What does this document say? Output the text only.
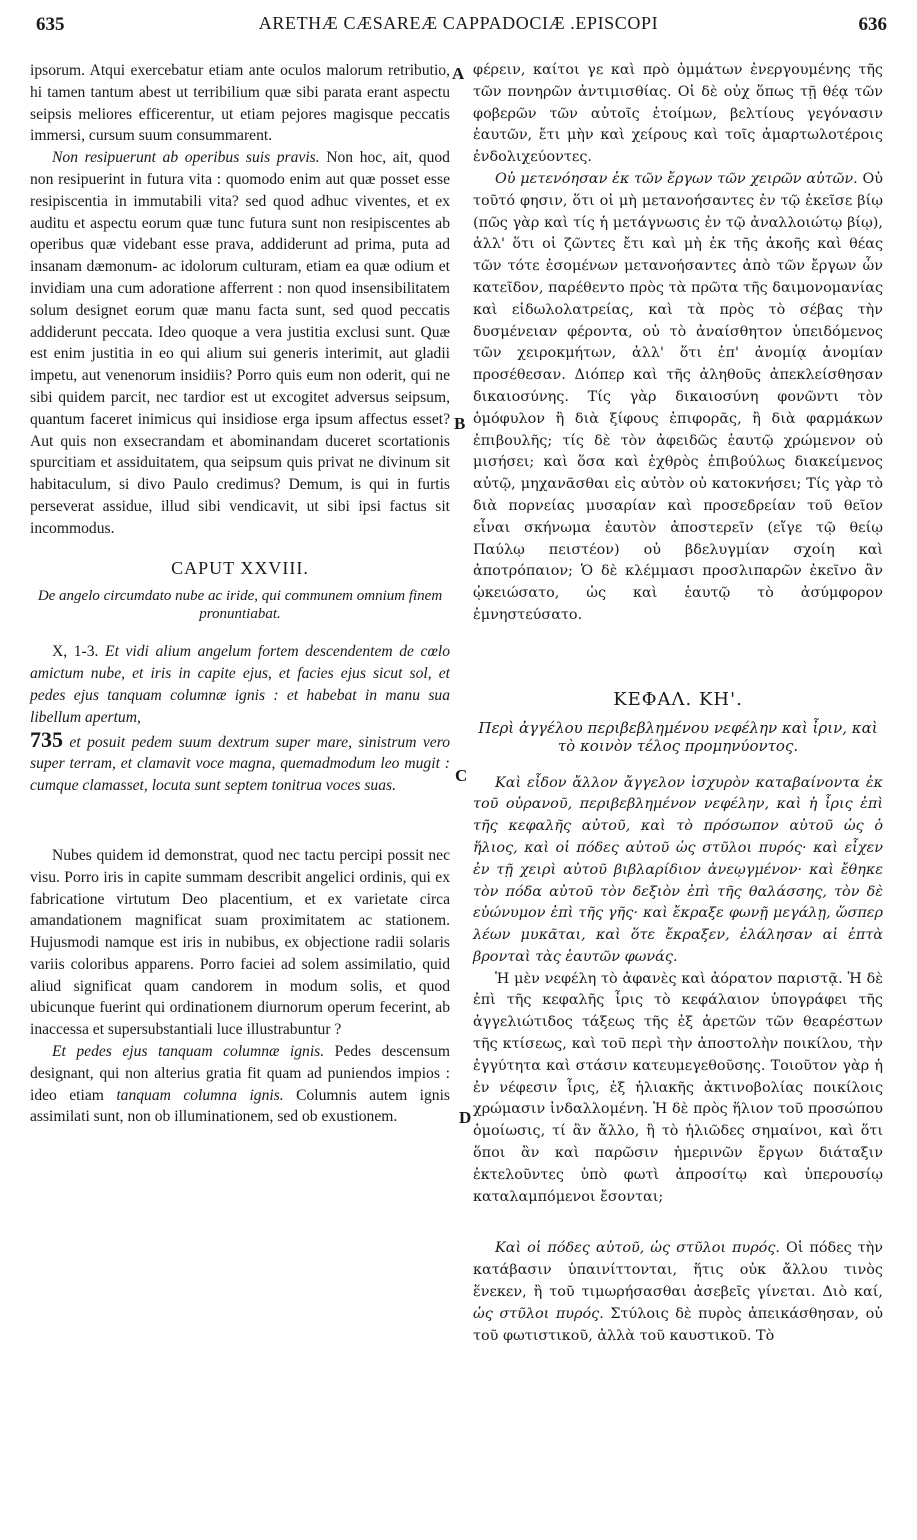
635	ARETHÆ CÆSAREÆ CAPPADOCIÆ .EPISCOPI	636
A
B
C
D

ipsorum. Atqui exercebatur etiam ante oculos malorum retributio, hi tamen tantum abest ut terribilium quæ sibi parata erant aspectu seipsis meliores efficerentur, ut etiam pejores magisque peccatis immersi, cursum suum consummarent.

Non resipuerunt ab operibus suis pravis. Non hoc, ait, quod non resipuerint in futura vita : quomodo enim aut quæ posset esse resipiscentia in immutabili vita? sed quod adhuc viventes, et ex auditu et aspectu eorum quæ tunc futura sunt non resipiscentes ab operibus quæ videbant esse prava, addiderunt ad prima, puta ad insanam dæmonum- ac idolorum culturam, etiam ea quæ odium et invidiam una cum adoratione afferrent : non quod insensibilitatem solum designet eorum quæ manu facta sunt, sed quod peccatis addiderunt peccata. Ideo quoque a vera justitia exclusi sunt. Quæ est enim justitia in eo qui alium sui generis interimit, aut gladii impetu, aut venenorum insidiis? Porro quis eum non oderit, qui ne sibi quidem parcit, nec tardior est ut excogitet adversus seipsum, quantum faceret inimicus qui insidiose erga ipsum affectus esset? Aut quis non exsecrandam et abominandam duceret scortationis spurcitiam et assiduitatem, qua seipsum quis privat ne divinum sit habitaculum, si divo Paulo credimus? Demum, is qui in furtis perseverat assidue, illud sibi vendicavit, ut sibi ipsi factus sit incommodus.

CAPUT XXVIII.
De angelo circumdato nube ac iride, qui communem omnium finem pronuntiabat.

X, 1-3. Et vidi alium angelum fortem descendentem de cœlo amictum nube, et iris in capite ejus, et facies ejus sicut sol, et pedes ejus tanquam columnæ ignis : et habebat in manu sua libellum apertum,
735 et posuit pedem suum dextrum super mare, sinistrum vero super terram, et clamavit voce magna, quemadmodum leo mugit : cumque clamasset, locuta sunt septem tonitrua voces suas.

Nubes quidem id demonstrat, quod nec tactu percipi possit nec visu. Porro iris in capite summam describit angelici ordinis, qui ex fabricatione virtutum Deo placentium, et ex varietate circa amandationem magnificat suam proximitatem ac stationem. Hujusmodi namque est iris in nubibus, ex objectione radii solaris variis coloribus apparens. Porro faciei ad solem assimilatio, quid aliud significat quam candorem in modum solis, et quod ubicunque fuerint qui ordinationem diurnorum operum fecerint, ab inaccessa et supersubstantiali luce illustrabuntur ?

Et pedes ejus tanquam columnæ ignis. Pedes descensum designant, qui non alterius gratia fit quam ad puniendos impios : ideo etiam tanquam columna ignis. Columnis autem ignis assimilati sunt, non ob illuminationem, sed ob exustionem.

φέρειν, καίτοι γε καὶ πρὸ ὀμμάτων ἐνεργουμένης τῆς τῶν πονηρῶν ἀντιμισθίας. Οἱ δὲ οὐχ ὅπως τῇ θέᾳ τῶν φοβερῶν τῶν αὐτοῖς ἑτοίμων, βελτίους γεγόνασιν ἑαυτῶν, ἔτι μὴν καὶ χείρους καὶ τοῖς ἁμαρτωλοτέροις ἐνδολιχεύοντες.

Οὐ μετενόησαν ἐκ τῶν ἔργων τῶν χειρῶν αὐτῶν. Οὐ τοῦτό φησιν, ὅτι οἱ μὴ μετανοήσαντες ἐν τῷ ἐκεῖσε βίῳ (πῶς γὰρ καὶ τίς ἡ μετάγνωσις ἐν τῷ ἀναλλοιώτῳ βίῳ), ἀλλ' ὅτι οἱ ζῶντες ἔτι καὶ μὴ ἐκ τῆς ἀκοῆς καὶ θέας τῶν τότε ἐσομένων μετανοήσαντες ἀπὸ τῶν ἔργων ὧν κατεῖδον, παρέθεντο πρὸς τὰ πρῶτα τῆς δαιμονομανίας καὶ εἰδωλολατρείας, καὶ τὰ πρὸς τὸ σέβας τὴν δυσμένειαν φέροντα, οὐ τὸ ἀναίσθητον ὑπειδόμενος τῶν χειροκμήτων, ἀλλ' ὅτι ἐπ' ἀνομίᾳ ἀνομίαν προσέθεσαν. Διόπερ καὶ τῆς ἀληθοῦς ἀπεκλείσθησαν δικαιοσύνης. Τίς γὰρ δικαιοσύνη φονῶντι τὸν ὁμόφυλον ἢ διὰ ξίφους ἐπιφορᾶς, ἢ διὰ φαρμάκων ἐπιβουλῆς; τίς δὲ τὸν ἀφειδῶς ἑαυτῷ χρώμενον οὐ μισήσει; καὶ ὅσα καὶ ἐχθρὸς ἐπιβούλως διακείμενος αὐτῷ, μηχανᾶσθαι εἰς αὐτὸν οὐ κατοκνήσει; Τίς γὰρ τὸ διὰ πορνείας μυσαρίαν καὶ προσεδρείαν τοῦ θεῖον εἶναι σκήνωμα ἑαυτὸν ἀποστερεῖν (εἴγε τῷ θείῳ Παύλῳ πειστέον) οὐ βδελυγμίαν σχοίη καὶ ἀποτρόπαιον; Ὁ δὲ κλέμμασι προσλιπαρῶν ἐκεῖνο ἂν ᾠκειώσατο, ὡς καὶ ἑαυτῷ τὸ ἀσύμφορον ἐμνηστεύσατο.

ΚΕΦΑΛ. ΚΗ'.
Περὶ ἀγγέλου περιβεβλημένου νεφέλην καὶ ἶριν, καὶ τὸ κοινὸν τέλος προμηνύοντος.

Καὶ εἶδον ἄλλον ἄγγελον ἰσχυρὸν καταβαίνοντα ἐκ τοῦ οὐρανοῦ, περιβεβλημένον νεφέλην, καὶ ἡ ἶρις ἐπὶ τῆς κεφαλῆς αὐτοῦ, καὶ τὸ πρόσωπον αὐτοῦ ὡς ὁ ἥλιος, καὶ οἱ πόδες αὐτοῦ ὡς στῦλοι πυρός· καὶ εἶχεν ἐν τῇ χειρὶ αὐτοῦ βιβλαρίδιον ἀνεῳγμένον· καὶ ἔθηκε τὸν πόδα αὐτοῦ τὸν δεξιὸν ἐπὶ τῆς θαλάσσης, τὸν δὲ εὐώνυμον ἐπὶ τῆς γῆς· καὶ ἔκραξε φωνῇ μεγάλῃ, ὥσπερ λέων μυκᾶται, καὶ ὅτε ἔκραξεν, ἐλάλησαν αἱ ἑπτὰ βρονταὶ τὰς ἑαυτῶν φωνάς.

Ἡ μὲν νεφέλη τὸ ἀφανὲς καὶ ἀόρατον παριστᾷ. Ἡ δὲ ἐπὶ τῆς κεφαλῆς ἶρις τὸ κεφάλαιον ὑπογράφει τῆς ἀγγελιώτιδος τάξεως τῆς ἐξ ἀρετῶν τῶν θεαρέστων τῆς κτίσεως, καὶ τοῦ περὶ τὴν ἀποστολὴν ποικίλου, τὴν ἐγγύτητα καὶ στάσιν κατευμεγεθοῦσης. Τοιοῦτον γὰρ ἡ ἐν νέφεσιν ἶρις, ἐξ ἡλιακῆς ἀκτινοβολίας ποικίλοις χρώμασιν ἰνδαλλομένη. Ἡ δὲ πρὸς ἥλιον τοῦ προσώπου ὁμοίωσις, τί ἂν ἄλλο, ἢ τὸ ἡλιῶδες σημαίνοι, καὶ ὅτι ὅποι ἂν καὶ παρῶσιν ἡμερινῶν ἔργων διάταξιν ἐκτελοῦντες ὑπὸ φωτὶ ἀπροσίτῳ καὶ ὑπερουσίῳ καταλαμπόμενοι ἔσονται;

Καὶ οἱ πόδες αὐτοῦ, ὡς στῦλοι πυρός. Οἱ πόδες τὴν κατάβασιν ὑπαινίττονται, ἥτις οὐκ ἄλλου τινὸς ἕνεκεν, ἢ τοῦ τιμωρήσασθαι ἀσεβεῖς γίνεται. Διὸ καί, ὡς στῦλοι πυρός. Στύλοις δὲ πυρὸς ἀπεικάσθησαν, οὐ τοῦ φωτιστικοῦ, ἀλλὰ τοῦ καυστικοῦ. Τὸ
